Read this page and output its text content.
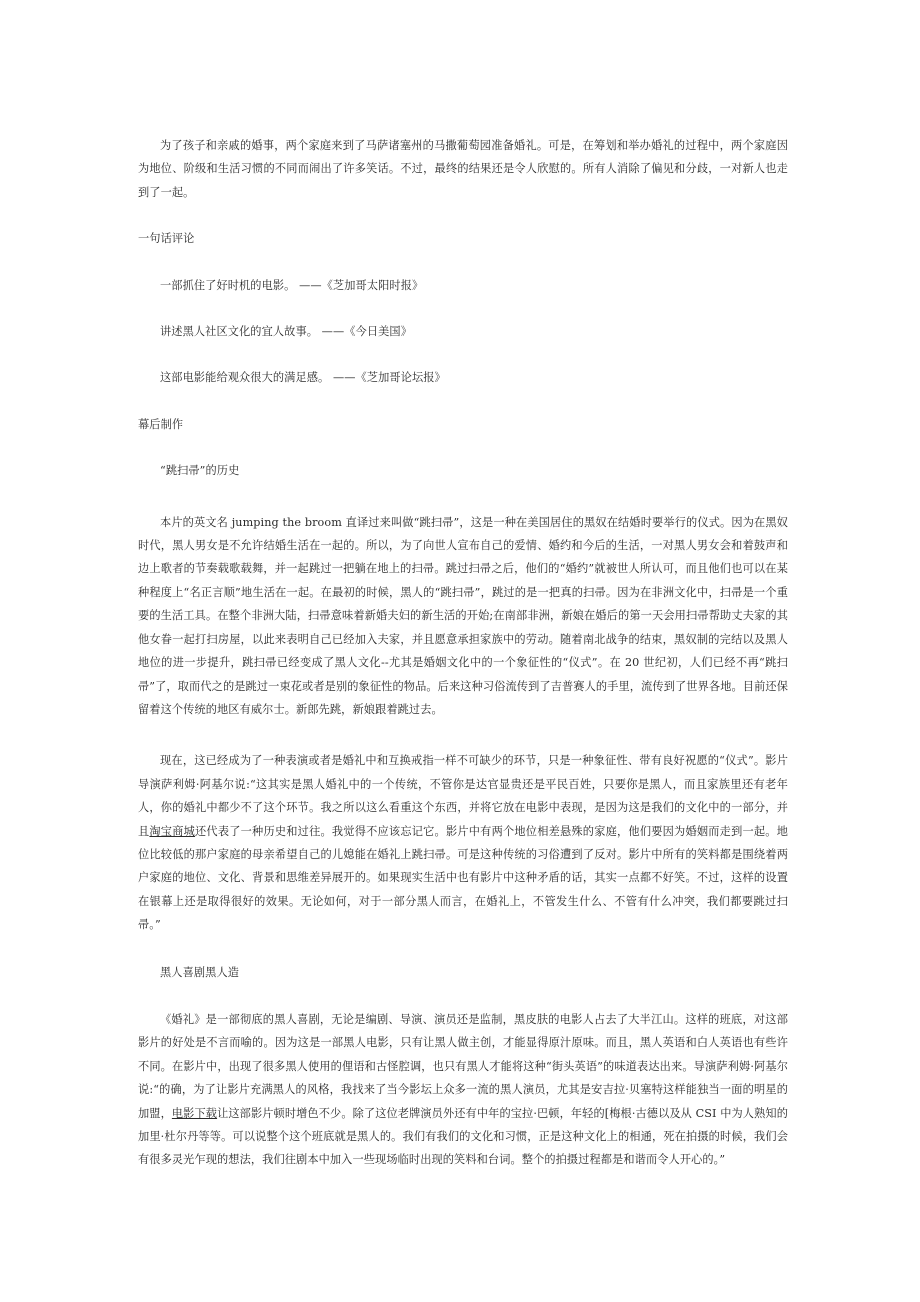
为了孩子和亲戚的婚事，两个家庭来到了马萨诸塞州的马撒葡萄园准备婚礼。可是，在筹划和举办婚礼的过程中，两个家庭因为地位、阶级和生活习惯的不同而闹出了许多笑话。不过，最终的结果还是令人欣慰的。所有人消除了偏见和分歧，一对新人也走到了一起。

一句话评论

一部抓住了好时机的电影。 ——《芝加哥太阳时报》

讲述黑人社区文化的宜人故事。 ——《今日美国》

这部电影能给观众很大的满足感。 ——《芝加哥论坛报》

幕后制作

“跳扫帚”的历史

本片的英文名 jumping the broom 直译过来叫做“跳扫帚”，这是一种在美国居住的黑奴在结婚时要举行的仪式。因为在黑奴时代，黑人男女是不允许结婚生活在一起的。所以，为了向世人宣布自己的爱情、婚约和今后的生活，一对黑人男女会和着鼓声和边上歌者的节奏载歌载舞，并一起跳过一把躺在地上的扫帚。跳过扫帚之后，他们的“婚约”就被世人所认可，而且他们也可以在某种程度上“名正言顺”地生活在一起。在最初的时候，黑人的“跳扫帚”，跳过的是一把真的扫帚。因为在非洲文化中，扫帚是一个重要的生活工具。在整个非洲大陆，扫帚意味着新婚夫妇的新生活的开始;在南部非洲，新娘在婚后的第一天会用扫帚帮助丈夫家的其他女眷一起打扫房屋，以此来表明自己已经加入夫家，并且愿意承担家族中的劳动。随着南北战争的结束，黑奴制的完结以及黑人地位的进一步提升，跳扫帚已经变成了黑人文化--尤其是婚姻文化中的一个象征性的“仪式”。在 20 世纪初，人们已经不再“跳扫帚”了，取而代之的是跳过一束花或者是别的象征性的物品。后来这种习俗流传到了吉普赛人的手里，流传到了世界各地。目前还保留着这个传统的地区有威尔士。新郎先跳，新娘跟着跳过去。

现在，这已经成为了一种表演或者是婚礼中和互换戒指一样不可缺少的环节，只是一种象征性、带有良好祝愿的“仪式”。影片导演萨利姆·阿基尔说:“这其实是黑人婚礼中的一个传统，不管你是达官显贵还是平民百姓，只要你是黑人，而且家族里还有老年人，你的婚礼中都少不了这个环节。我之所以这么看重这个东西，并将它放在电影中表现，是因为这是我们的文化中的一部分，并且淘宝商城还代表了一种历史和过往。我觉得不应该忘记它。影片中有两个地位相差悬殊的家庭，他们要因为婚姻而走到一起。地位比较低的那户家庭的母亲希望自己的儿媳能在婚礼上跳扫帚。可是这种传统的习俗遭到了反对。影片中所有的笑料都是围绕着两户家庭的地位、文化、背景和思维差异展开的。如果现实生活中也有影片中这种矛盾的话，其实一点都不好笑。不过，这样的设置在银幕上还是取得很好的效果。无论如何，对于一部分黑人而言，在婚礼上，不管发生什么、不管有什么冲突，我们都要跳过扫帚。”

黑人喜剧黑人造

《婚礼》是一部彻底的黑人喜剧，无论是编剧、导演、演员还是监制，黑皮肤的电影人占去了大半江山。这样的班底，对这部影片的好处是不言而喻的。因为这是一部黑人电影，只有让黑人做主创，才能显得原汁原味。而且，黑人英语和白人英语也有些许不同。在影片中，出现了很多黑人使用的俚语和古怪腔调，也只有黑人才能将这种“街头英语”的味道表达出来。导演萨利姆·阿基尔说:“的确，为了让影片充满黑人的风格，我找来了当今影坛上众多一流的黑人演员，尤其是安吉拉·贝塞特这样能独当一面的明星的加盟，电影下载让这部影片顿时增色不少。除了这位老牌演员外还有中年的宝拉·巴顿，年轻的[梅根·古德以及从 CSI 中为人熟知的加里·杜尔丹等等。可以说整个这个班底就是黑人的。我们有我们的文化和习惯，正是这种文化上的相通，死在拍摄的时候，我们会有很多灵光乍现的想法，我们往剧本中加入一些现场临时出现的笑料和台词。整个的拍摄过程都是和谐而令人开心的。”
